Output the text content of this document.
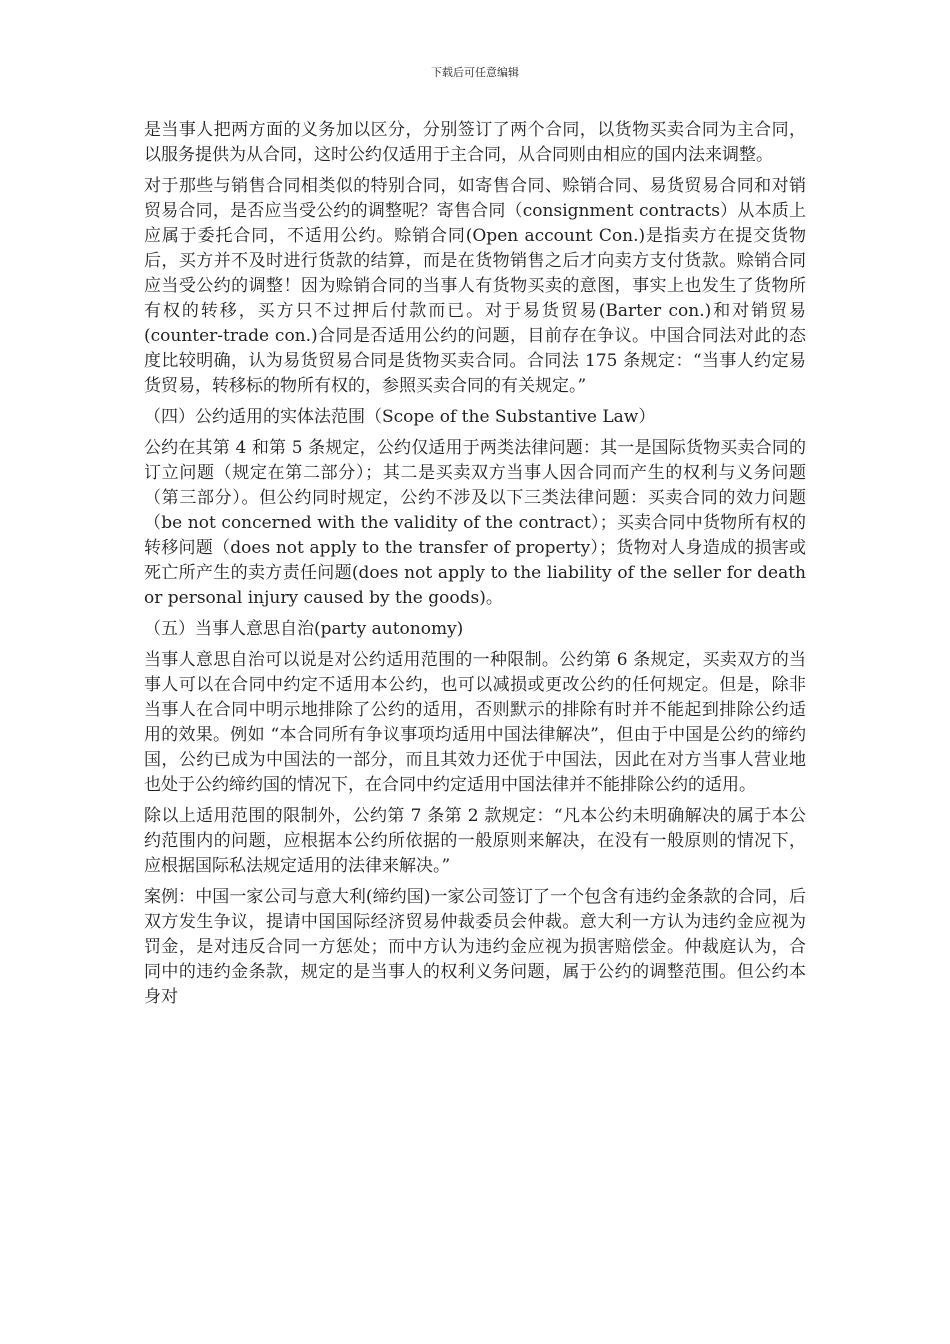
下载后可任意编辑

是当事人把两方面的义务加以区分，分别签订了两个合同，以货物买卖合同为主合同，以服务提供为从合同，这时公约仅适用于主合同，从合同则由相应的国内法来调整。

对于那些与销售合同相类似的特别合同，如寄售合同、赊销合同、易货贸易合同和对销贸易合同，是否应当受公约的调整呢？寄售合同（consignment contracts）从本质上应属于委托合同，不适用公约。赊销合同(Open account Con.)是指卖方在提交货物后，买方并不及时进行货款的结算，而是在货物销售之后才向卖方支付货款。赊销合同应当受公约的调整！因为赊销合同的当事人有货物买卖的意图，事实上也发生了货物所有权的转移，买方只不过押后付款而已。对于易货贸易(Barter con.)和对销贸易(counter-trade con.)合同是否适用公约的问题，目前存在争议。中国合同法对此的态度比较明确，认为易货贸易合同是货物买卖合同。合同法 175 条规定：“当事人约定易货贸易，转移标的物所有权的，参照买卖合同的有关规定。”

（四）公约适用的实体法范围（Scope of the Substantive Law）

公约在其第 4 和第 5 条规定，公约仅适用于两类法律问题：其一是国际货物买卖合同的订立问题（规定在第二部分）；其二是买卖双方当事人因合同而产生的权利与义务问题（第三部分）。但公约同时规定，公约不涉及以下三类法律问题：买卖合同的效力问题（be not concerned with the validity of the contract）；买卖合同中货物所有权的转移问题（does not apply to the transfer of property）；货物对人身造成的损害或死亡所产生的卖方责任问题(does not apply to the liability of the seller for death or personal injury caused by the goods)。

（五）当事人意思自治(party autonomy)

当事人意思自治可以说是对公约适用范围的一种限制。公约第 6 条规定，买卖双方的当事人可以在合同中约定不适用本公约，也可以减损或更改公约的任何规定。但是，除非当事人在合同中明示地排除了公约的适用，否则默示的排除有时并不能起到排除公约适用的效果。例如 “本合同所有争议事项均适用中国法律解决”，但由于中国是公约的缔约国，公约已成为中国法的一部分，而且其效力还优于中国法，因此在对方当事人营业地也处于公约缔约国的情况下，在合同中约定适用中国法律并不能排除公约的适用。

除以上适用范围的限制外，公约第 7 条第 2 款规定：“凡本公约未明确解决的属于本公约范围内的问题，应根据本公约所依据的一般原则来解决，在没有一般原则的情况下，应根据国际私法规定适用的法律来解决。”

案例：中国一家公司与意大利(缔约国)一家公司签订了一个包含有违约金条款的合同，后双方发生争议，提请中国国际经济贸易仲裁委员会仲裁。意大利一方认为违约金应视为罚金，是对违反合同一方惩处；而中方认为违约金应视为损害赔偿金。仲裁庭认为，合同中的违约金条款，规定的是当事人的权利义务问题，属于公约的调整范围。但公约本身对
